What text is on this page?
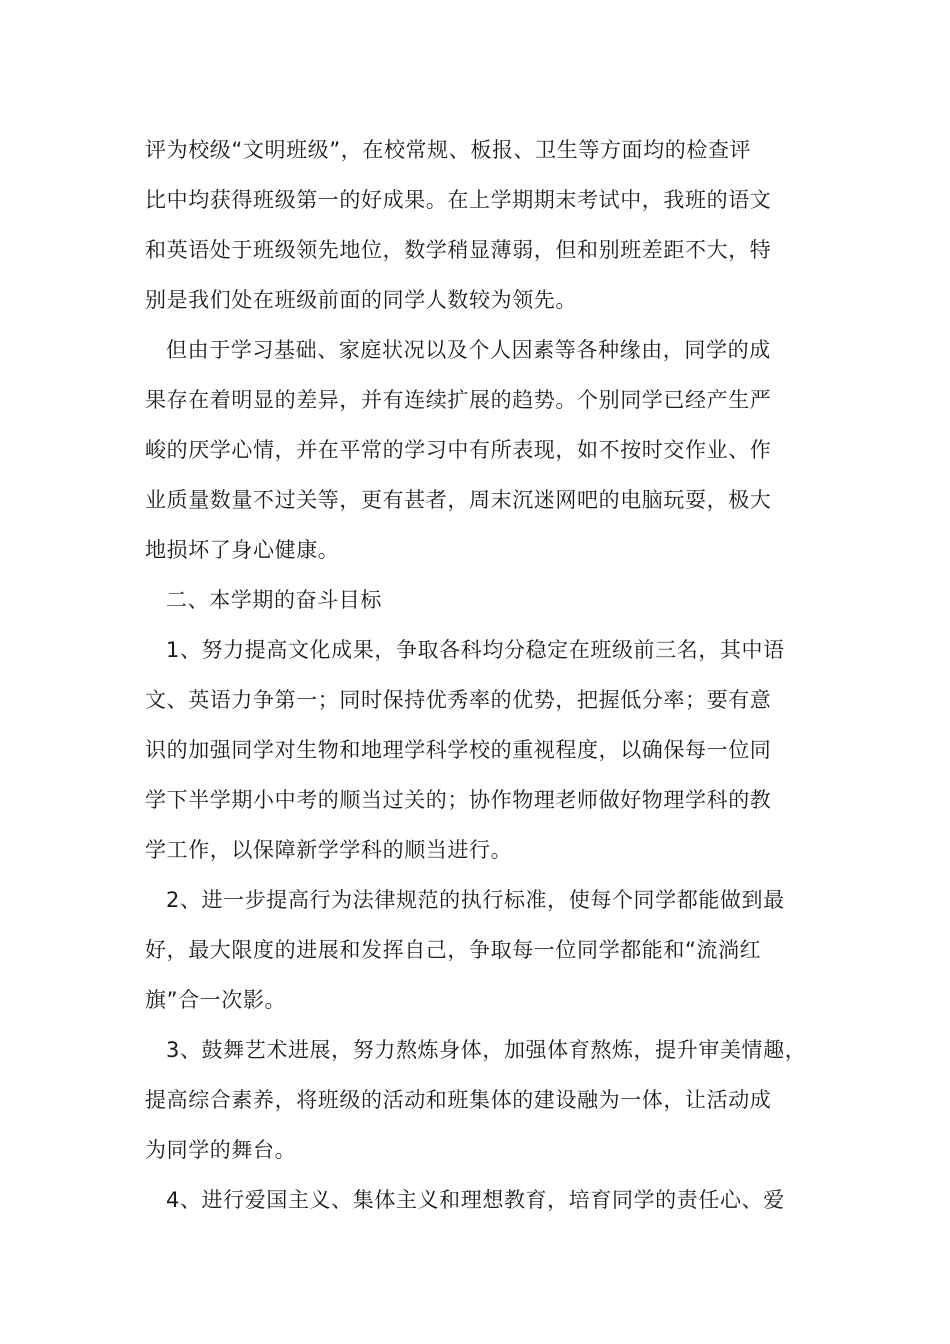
评为校级“文明班级”，在校常规、板报、卫生等方面均的检查评
比中均获得班级第一的好成果。在上学期期末考试中，我班的语文
和英语处于班级领先地位，数学稍显薄弱，但和别班差距不大，特
别是我们处在班级前面的同学人数较为领先。
但由于学习基础、家庭状况以及个人因素等各种缘由，同学的成
果存在着明显的差异，并有连续扩展的趋势。个别同学已经产生严
峻的厌学心情，并在平常的学习中有所表现，如不按时交作业、作
业质量数量不过关等，更有甚者，周末沉迷网吧的电脑玩耍，极大
地损坏了身心健康。
二、本学期的奋斗目标
1、努力提高文化成果，争取各科均分稳定在班级前三名，其中语
文、英语力争第一；同时保持优秀率的优势，把握低分率；要有意
识的加强同学对生物和地理学科学校的重视程度，以确保每一位同
学下半学期小中考的顺当过关的；协作物理老师做好物理学科的教
学工作，以保障新学学科的顺当进行。
2、进一步提高行为法律规范的执行标准，使每个同学都能做到最
好，最大限度的进展和发挥自己，争取每一位同学都能和“流淌红
旗”合一次影。
3、鼓舞艺术进展，努力熬炼身体，加强体育熬炼，提升审美情趣，
提高综合素养，将班级的活动和班集体的建设融为一体，让活动成
为同学的舞台。
4、进行爱国主义、集体主义和理想教育，培育同学的责任心、爱
